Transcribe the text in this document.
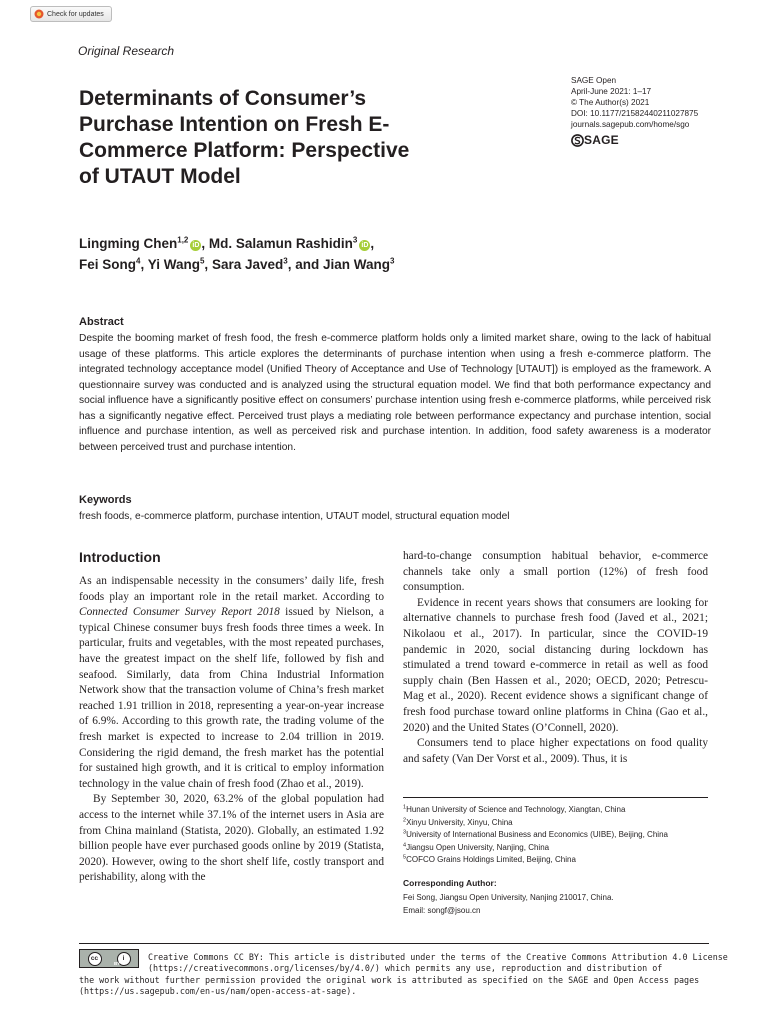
Check for updates
Original Research
SAGE Open
April-June 2021: 1–17
© The Author(s) 2021
DOI: 10.1177/21582440211027875
journals.sagepub.com/home/sgo
SAGE
Determinants of Consumer’s Purchase Intention on Fresh E-Commerce Platform: Perspective of UTAUT Model
Lingming Chen$^{1,2}$iD , Md. Salamun Rashidin$^3$iD ,
Fei Song$^4$, Yi Wang$^5$, Sara Javed$^3$, and Jian Wang$^3$
Abstract
Despite the booming market of fresh food, the fresh e-commerce platform holds only a limited market share, owing to the lack of habitual usage of these platforms. This article explores the determinants of purchase intention when using a fresh e-commerce platform. The integrated technology acceptance model (Unified Theory of Acceptance and Use of Technology [UTAUT]) is employed as the framework. A questionnaire survey was conducted and is analyzed using the structural equation model. We find that both performance expectancy and social influence have a significantly positive effect on consumers’ purchase intention using fresh e-commerce platforms, while perceived risk has a significantly negative effect. Perceived trust plays a mediating role between performance expectancy and purchase intention, social influence and purchase intention, as well as perceived risk and purchase intention. In addition, food safety awareness is a moderator between perceived trust and purchase intention.
Keywords
fresh foods, e-commerce platform, purchase intention, UTAUT model, structural equation model
Introduction

As an indispensable necessity in the consumers’ daily life, fresh foods play an important role in the retail market. According to Connected Consumer Survey Report 2018 issued by Nielson, a typical Chinese consumer buys fresh foods three times a week. In particular, fruits and vegetables, with the most repeated purchases, have the greatest impact on the shelf life, followed by fish and seafood. Similarly, data from China Industrial Information Network show that the transaction volume of China’s fresh market reached 1.91 trillion in 2018, representing a year-on-year increase of 6.9%. According to this growth rate, the trading volume of the fresh market is expected to increase to 2.04 trillion in 2019. Considering the rigid demand, the fresh market has the potential for sustained high growth, and it is critical to employ information technology in the value chain of fresh food (Zhao et al., 2019).

By September 30, 2020, 63.2% of the global population had access to the internet while 37.1% of the internet users in Asia are from China mainland (Statista, 2020). Globally, an estimated 1.92 billion people have ever purchased goods online by 2019 (Statista, 2020). However, owing to the short shelf life, costly transport and perishability, along with the

hard-to-change consumption habitual behavior, e-commerce channels take only a small portion (12%) of fresh food consumption.

Evidence in recent years shows that consumers are looking for alternative channels to purchase fresh food (Javed et al., 2021; Nikolaou et al., 2017). In particular, since the COVID-19 pandemic in 2020, social distancing during lockdown has stimulated a trend toward e-commerce in retail as well as food supply chain (Ben Hassen et al., 2020; OECD, 2020; Petrescu-Mag et al., 2020). Recent evidence shows a significant change of fresh food purchase toward online platforms in China (Gao et al., 2020) and the United States (O’Connell, 2020).

Consumers tend to place higher expectations on food quality and safety (Van Der Vorst et al., 2009). Thus, it is

$^1$Hunan University of Science and Technology, Xiangtan, China
$^2$Xinyu University, Xinyu, China
$^3$University of International Business and Economics (UIBE), Beijing, China
$^4$Jiangsu Open University, Nanjing, China
$^5$COFCO Grains Holdings Limited, Beijing, China
Corresponding Author:
Fei Song, Jiangsu Open University, Nanjing 210017, China.
Email: songf@jsou.cn
cc	i
BY
Creative Commons CC BY: This article is distributed under the terms of the Creative Commons Attribution 4.0 License
(https://creativecommons.org/licenses/by/4.0/) which permits any use, reproduction and distribution of
the work without further permission provided the original work is attributed as specified on the SAGE and Open Access pages
(https://us.sagepub.com/en-us/nam/open-access-at-sage).
